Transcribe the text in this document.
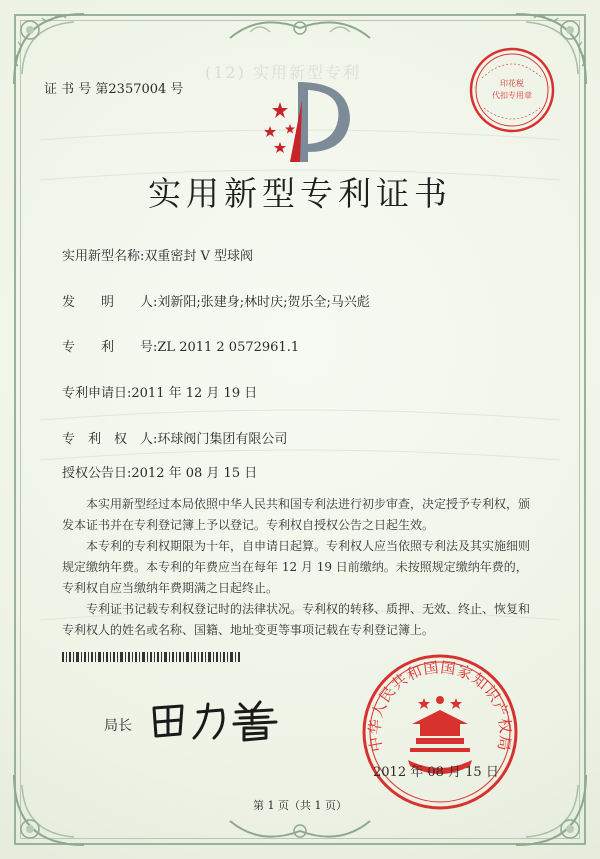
证 书 号 第2357004 号
(12) 实用新型专利
印花税
代扣专用章
实用新型专利证书
实用新型名称:双重密封 V 型球阀
发　　明　　人:刘新阳;张建身;林时庆;贺乐全;马兴彪
专　　利　　号:ZL 2011 2 0572961.1
专利申请日:2011 年 12 月 19 日
专　利　权　人:环球阀门集团有限公司
授权公告日:2012 年 08 月 15 日

本实用新型经过本局依照中华人民共和国专利法进行初步审查，决定授予专利权，颁发本证书并在专利登记簿上予以登记。专利权自授权公告之日起生效。

本专利的专利权期限为十年，自申请日起算。专利权人应当依照专利法及其实施细则规定缴纳年费。本专利的年费应当在每年 12 月 19 日前缴纳。未按照规定缴纳年费的，专利权自应当缴纳年费期满之日起终止。

专利证书记载专利权登记时的法律状况。专利权的转移、质押、无效、终止、恢复和专利权人的姓名或名称、国籍、地址变更等事项记载在专利登记簿上。

局长
中华人民共和国国家知识产权局
2012 年 08 月 15 日
第 1 页（共 1 页）
